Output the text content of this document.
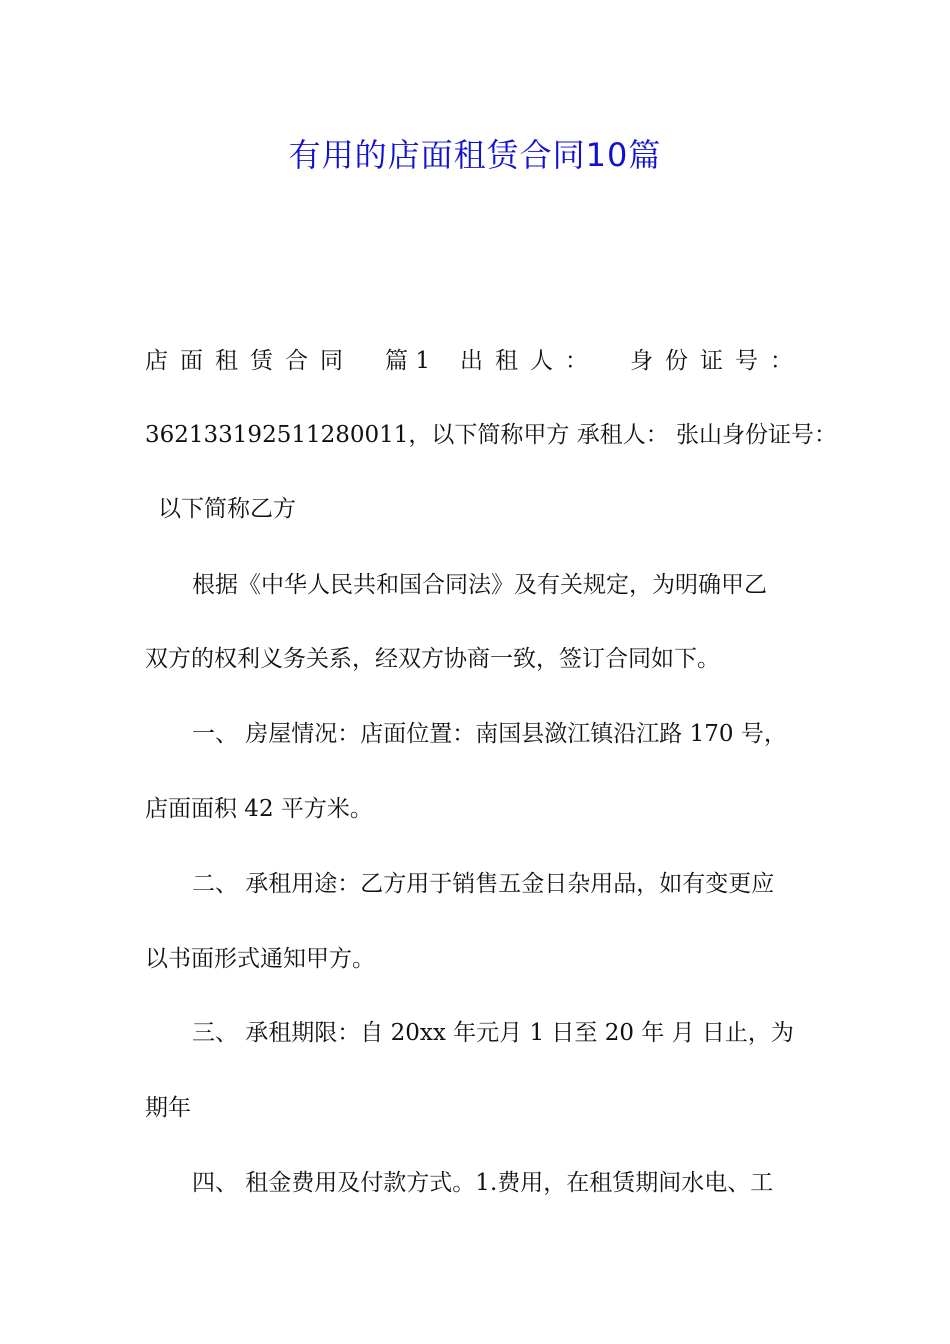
有用的店面租赁合同10篇
店面租赁合同 篇 1 出租人： 身份证号：
362133192511280011，以下简称甲方 承租人： 张山身份证号：
以下简称乙方
根据《中华人民共和国合同法》及有关规定，为明确甲乙
双方的权利义务关系，经双方协商一致，签订合同如下。
一、 房屋情况：店面位置：南国县潋江镇沿江路 170 号，
店面面积 42 平方米。
二、 承租用途：乙方用于销售五金日杂用品，如有变更应
以书面形式通知甲方。
三、 承租期限：自 20xx 年元月 1 日至 20 年 月 日止，为
期年
四、 租金费用及付款方式。1.费用，在租赁期间水电、工
